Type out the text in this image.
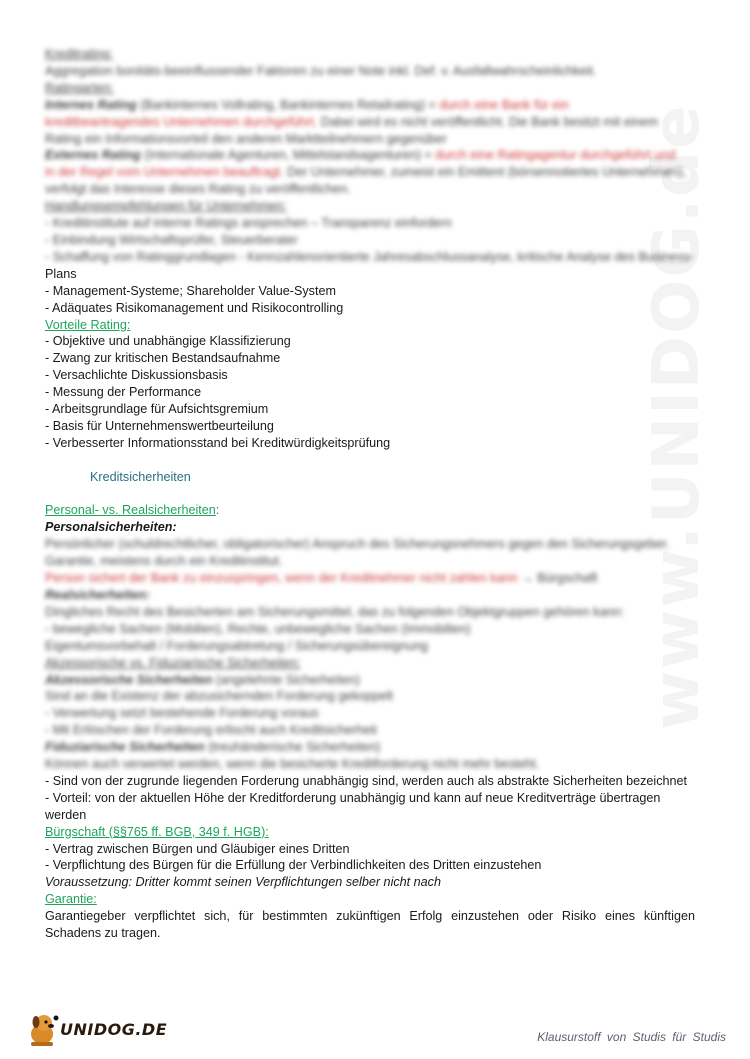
www.UNIDOG.de
Kreditrating:
Aggregation bonitäts-beeinflussender Faktoren zu einer Note inkl. Def. v. Ausfallwahrscheinlichkeit.
Ratingarten:
Internes Rating (Bankinternes Vollrating, Bankinternes Retailrating) = durch eine Bank für ein
kreditbeantragendes Unternehmen durchgeführt. Dabei wird es nicht veröffentlicht. Die Bank besitzt mit einem
Rating ein Informationsvorteil den anderen Marktteilnehmern gegenüber
Externes Rating (Internationale Agenturen, Mittelstandsagenturen) = durch eine Ratingagentur durchgeführt und
in der Regel vom Unternehmen beauftragt. Der Unternehmer, zumeist ein Emittent (börsennotiertes Unternehmen),
verfolgt das Interesse dieses Rating zu veröffentlichen.
Handlungsempfehlungen für Unternehmen:
- Kreditinstitute auf interne Ratings ansprechen – Transparenz einfordern
- Einbindung Wirtschaftsprüfer, Steuerberater
- Schaffung von Ratinggrundlagen - Kennzahlenorientierte Jahresabschlussanalyse, kritische Analyse des Business-
Plans
- Management-Systeme; Shareholder Value-System
- Adäquates Risikomanagement und Risikocontrolling
Vorteile Rating:
- Objektive und unabhängige Klassifizierung
- Zwang zur kritischen Bestandsaufnahme
- Versachlichte Diskussionsbasis
- Messung der Performance
- Arbeitsgrundlage für Aufsichtsgremium
- Basis für Unternehmenswertbeurteilung
- Verbesserter Informationsstand bei Kreditwürdigkeitsprüfung
Kreditsicherheiten
Personal- vs. Realsicherheiten:
Personalsicherheiten:
Persönlicher (schuldrechtlicher, obligatorischer) Anspruch des Sicherungsnehmers gegen den Sicherungsgeber.
Garantie, meistens durch ein Kreditinstitut.
Person sichert der Bank zu einzuspringen, wenn der Kreditnehmer nicht zahlen kann → Bürgschaft
Realsicherheiten:
Dingliches Recht des Besicherten am Sicherungsmittel, das zu folgenden Objektgruppen gehören kann:
- bewegliche Sachen (Mobilien), Rechte, unbewegliche Sachen (Immobilien)
Eigentumsvorbehalt / Forderungsabtretung / Sicherungsübereignung
Akzessorische vs. Fiduziarische Sicherheiten:
Akzessorische Sicherheiten (angelehnte Sicherheiten)
Sind an die Existenz der abzusichernden Forderung gekoppelt
- Verwertung setzt bestehende Forderung voraus
- Mit Erlöschen der Forderung erlischt auch Kreditsicherheit
Fiduziarische Sicherheiten (treuhänderische Sicherheiten)
Können auch verwertet werden, wenn die besicherte Kreditforderung nicht mehr besteht.
- Sind von der zugrunde liegenden Forderung unabhängig sind, werden auch als abstrakte Sicherheiten bezeichnet
- Vorteil: von der aktuellen Höhe der Kreditforderung unabhängig und kann auf neue Kreditverträge übertragen
werden
Bürgschaft (§§765 ff. BGB, 349 f. HGB):
- Vertrag zwischen Bürgen und Gläubiger eines Dritten
- Verpflichtung des Bürgen für die Erfüllung der Verbindlichkeiten des Dritten einzustehen
Voraussetzung: Dritter kommt seinen Verpflichtungen selber nicht nach
Garantie:
Garantiegeber verpflichtet sich, für bestimmten zukünftigen Erfolg einzustehen oder Risiko eines künftigen Schadens zu tragen.
UNIDOG.DE	Klausurstoff von Studis für Studis
